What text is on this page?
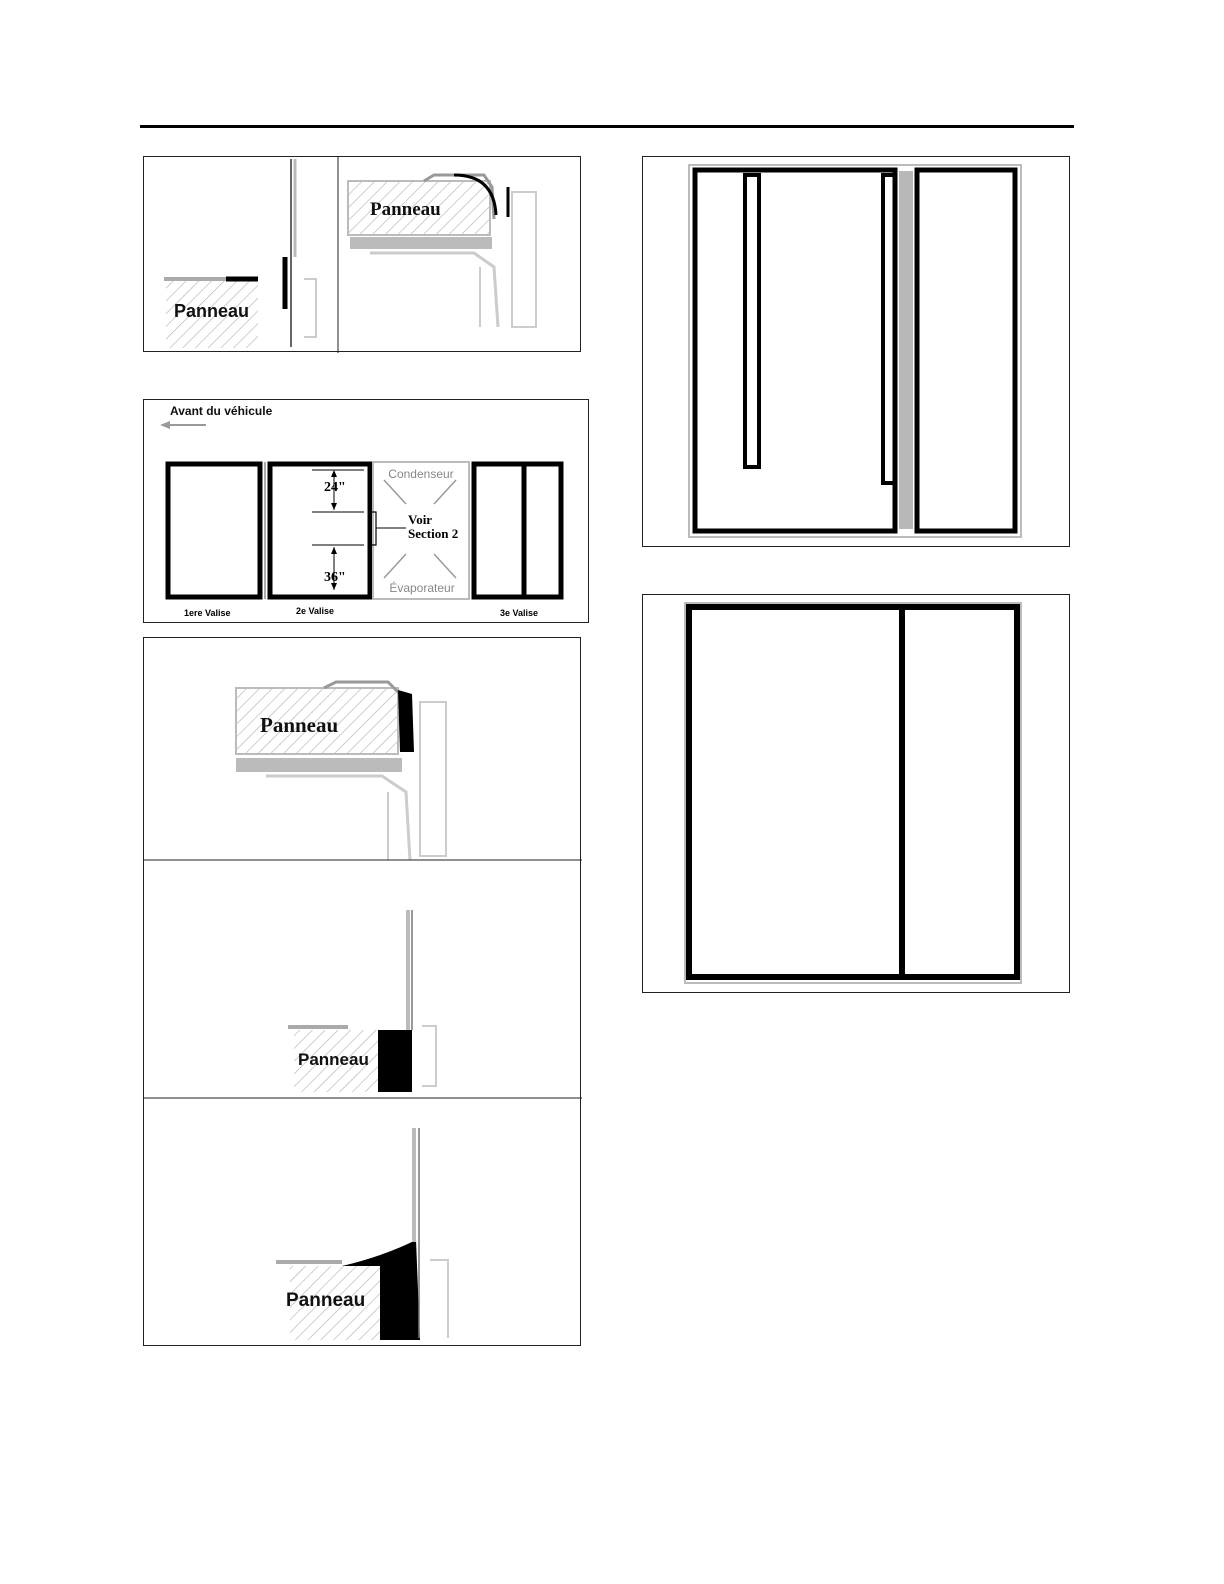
Panneau
Panneau
Avant du véhicule
Condenseur
Évaporateur
24"
36"
Voir
Section 2
1ere Valise	2e Valise	3e Valise
Panneau
Panneau
Panneau
